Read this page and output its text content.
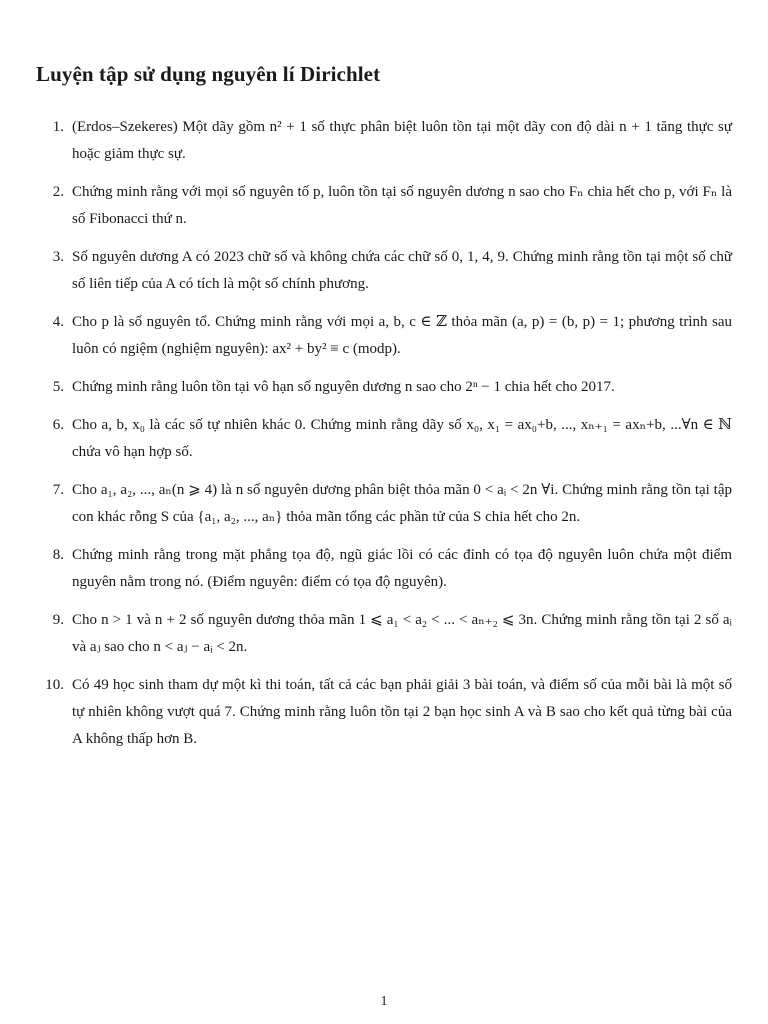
Luyện tập sử dụng nguyên lí Dirichlet
1. (Erdos–Szekeres) Một dãy gồm n² + 1 số thực phân biệt luôn tồn tại một dãy con độ dài n + 1 tăng thực sự hoặc giảm thực sự.
2. Chứng minh rằng với mọi số nguyên tố p, luôn tồn tại số nguyên dương n sao cho Fₙ chia hết cho p, với Fₙ là số Fibonacci thứ n.
3. Số nguyên dương A có 2023 chữ số và không chứa các chữ số 0, 1, 4, 9. Chứng minh rằng tồn tại một số chữ số liên tiếp của A có tích là một số chính phương.
4. Cho p là số nguyên tố. Chứng minh rằng với mọi a, b, c ∈ ℤ thỏa mãn (a, p) = (b, p) = 1; phương trình sau luôn có ngiệm (nghiệm nguyên): ax² + by² ≡ c (modp).
5. Chứng minh rằng luôn tồn tại vô hạn số nguyên dương n sao cho 2ⁿ − 1 chia hết cho 2017.
6. Cho a, b, x₀ là các số tự nhiên khác 0. Chứng minh rằng dãy số x₀, x₁ = ax₀+b, ..., xₙ₊₁ = axₙ+b, ...∀n ∈ ℕ chứa vô hạn hợp số.
7. Cho a₁, a₂, ..., aₙ(n ⩾ 4) là n số nguyên dương phân biệt thỏa mãn 0 < aᵢ < 2n ∀i. Chứng minh rằng tồn tại tập con khác rỗng S của {a₁, a₂, ..., aₙ} thỏa mãn tổng các phần tử của S chia hết cho 2n.
8. Chứng minh rằng trong mặt phẳng tọa độ, ngũ giác lồi có các đỉnh có tọa độ nguyên luôn chứa một điểm nguyên nằm trong nó. (Điểm nguyên: điểm có tọa độ nguyên).
9. Cho n > 1 và n + 2 số nguyên dương thỏa mãn 1 ⩽ a₁ < a₂ < ... < aₙ₊₂ ⩽ 3n. Chứng minh rằng tồn tại 2 số aᵢ và aⱼ sao cho n < aⱼ − aᵢ < 2n.
10. Có 49 học sinh tham dự một kì thi toán, tất cả các bạn phải giải 3 bài toán, và điểm số của mỗi bài là một số tự nhiên không vượt quá 7. Chứng minh rằng luôn tồn tại 2 bạn học sinh A và B sao cho kết quả từng bài của A không thấp hơn B.
1
